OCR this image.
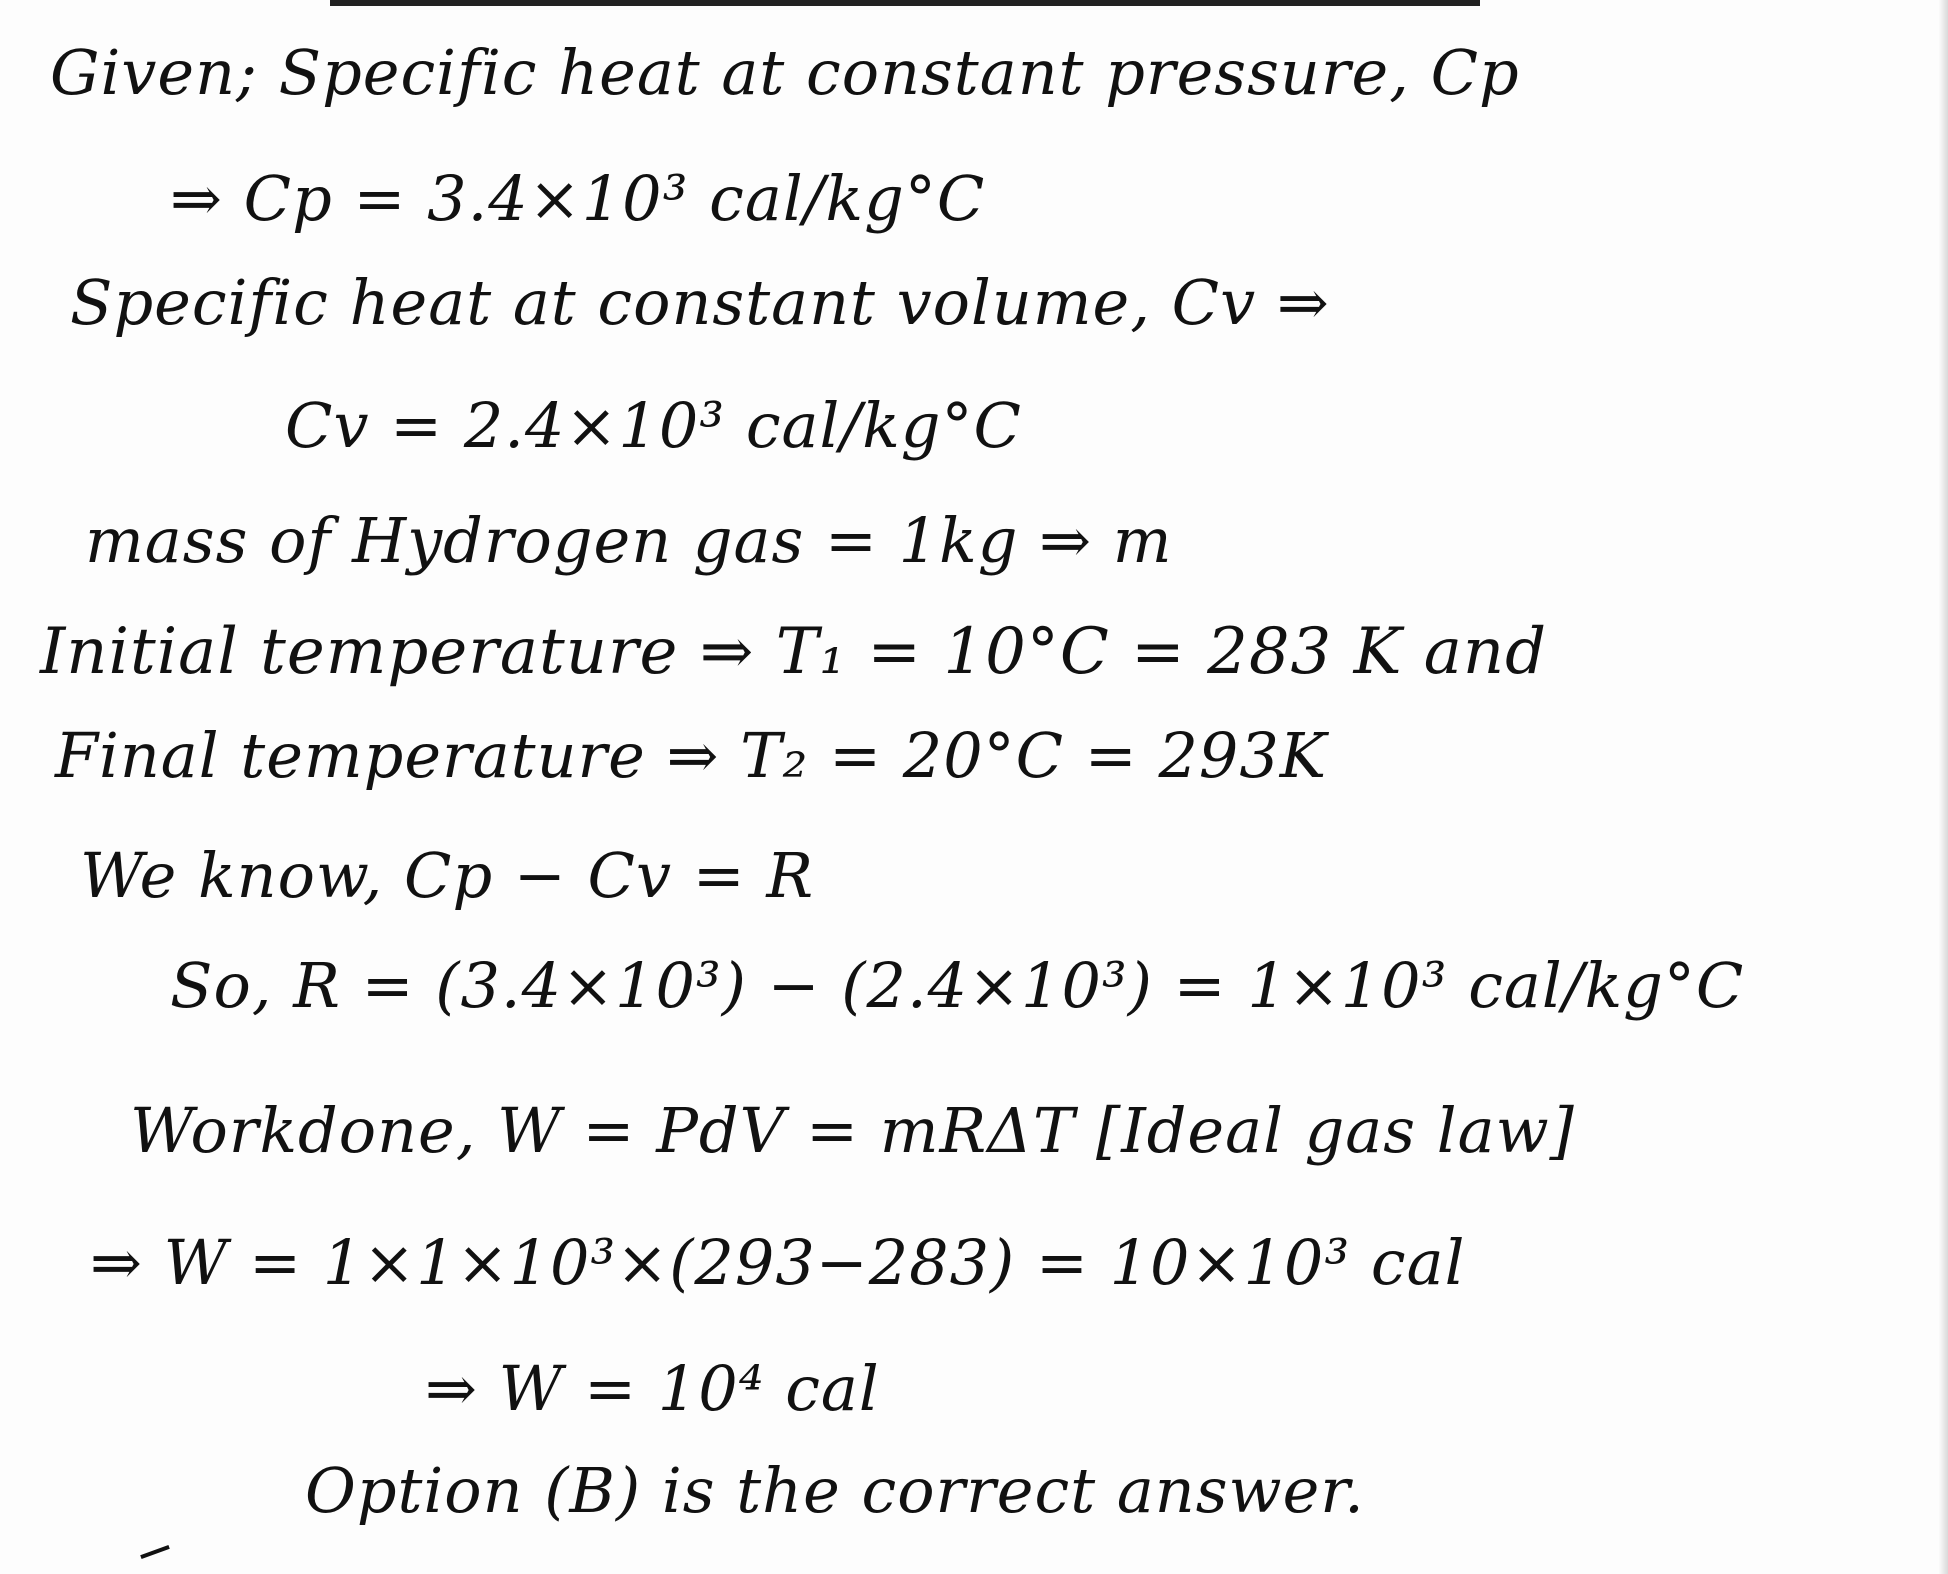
Given; Specific heat at constant pressure, Cp
⇒ Cp = 3.4×10³ cal/kg°C
Specific heat at constant volume, Cv ⇒
Cv = 2.4×10³ cal/kg°C
mass of Hydrogen gas = 1kg ⇒ m
Initial temperature ⇒ T₁ = 10°C = 283 K and
Final temperature ⇒ T₂ = 20°C = 293K
We know, Cp − Cv = R
So, R = (3.4×10³) − (2.4×10³) = 1×10³ cal/kg°C
Workdone, W = PdV = mRΔT [Ideal gas law]
⇒ W = 1×1×10³×(293−283) = 10×10³ cal
⇒ W = 10⁴ cal
Option (B) is the correct answer.
